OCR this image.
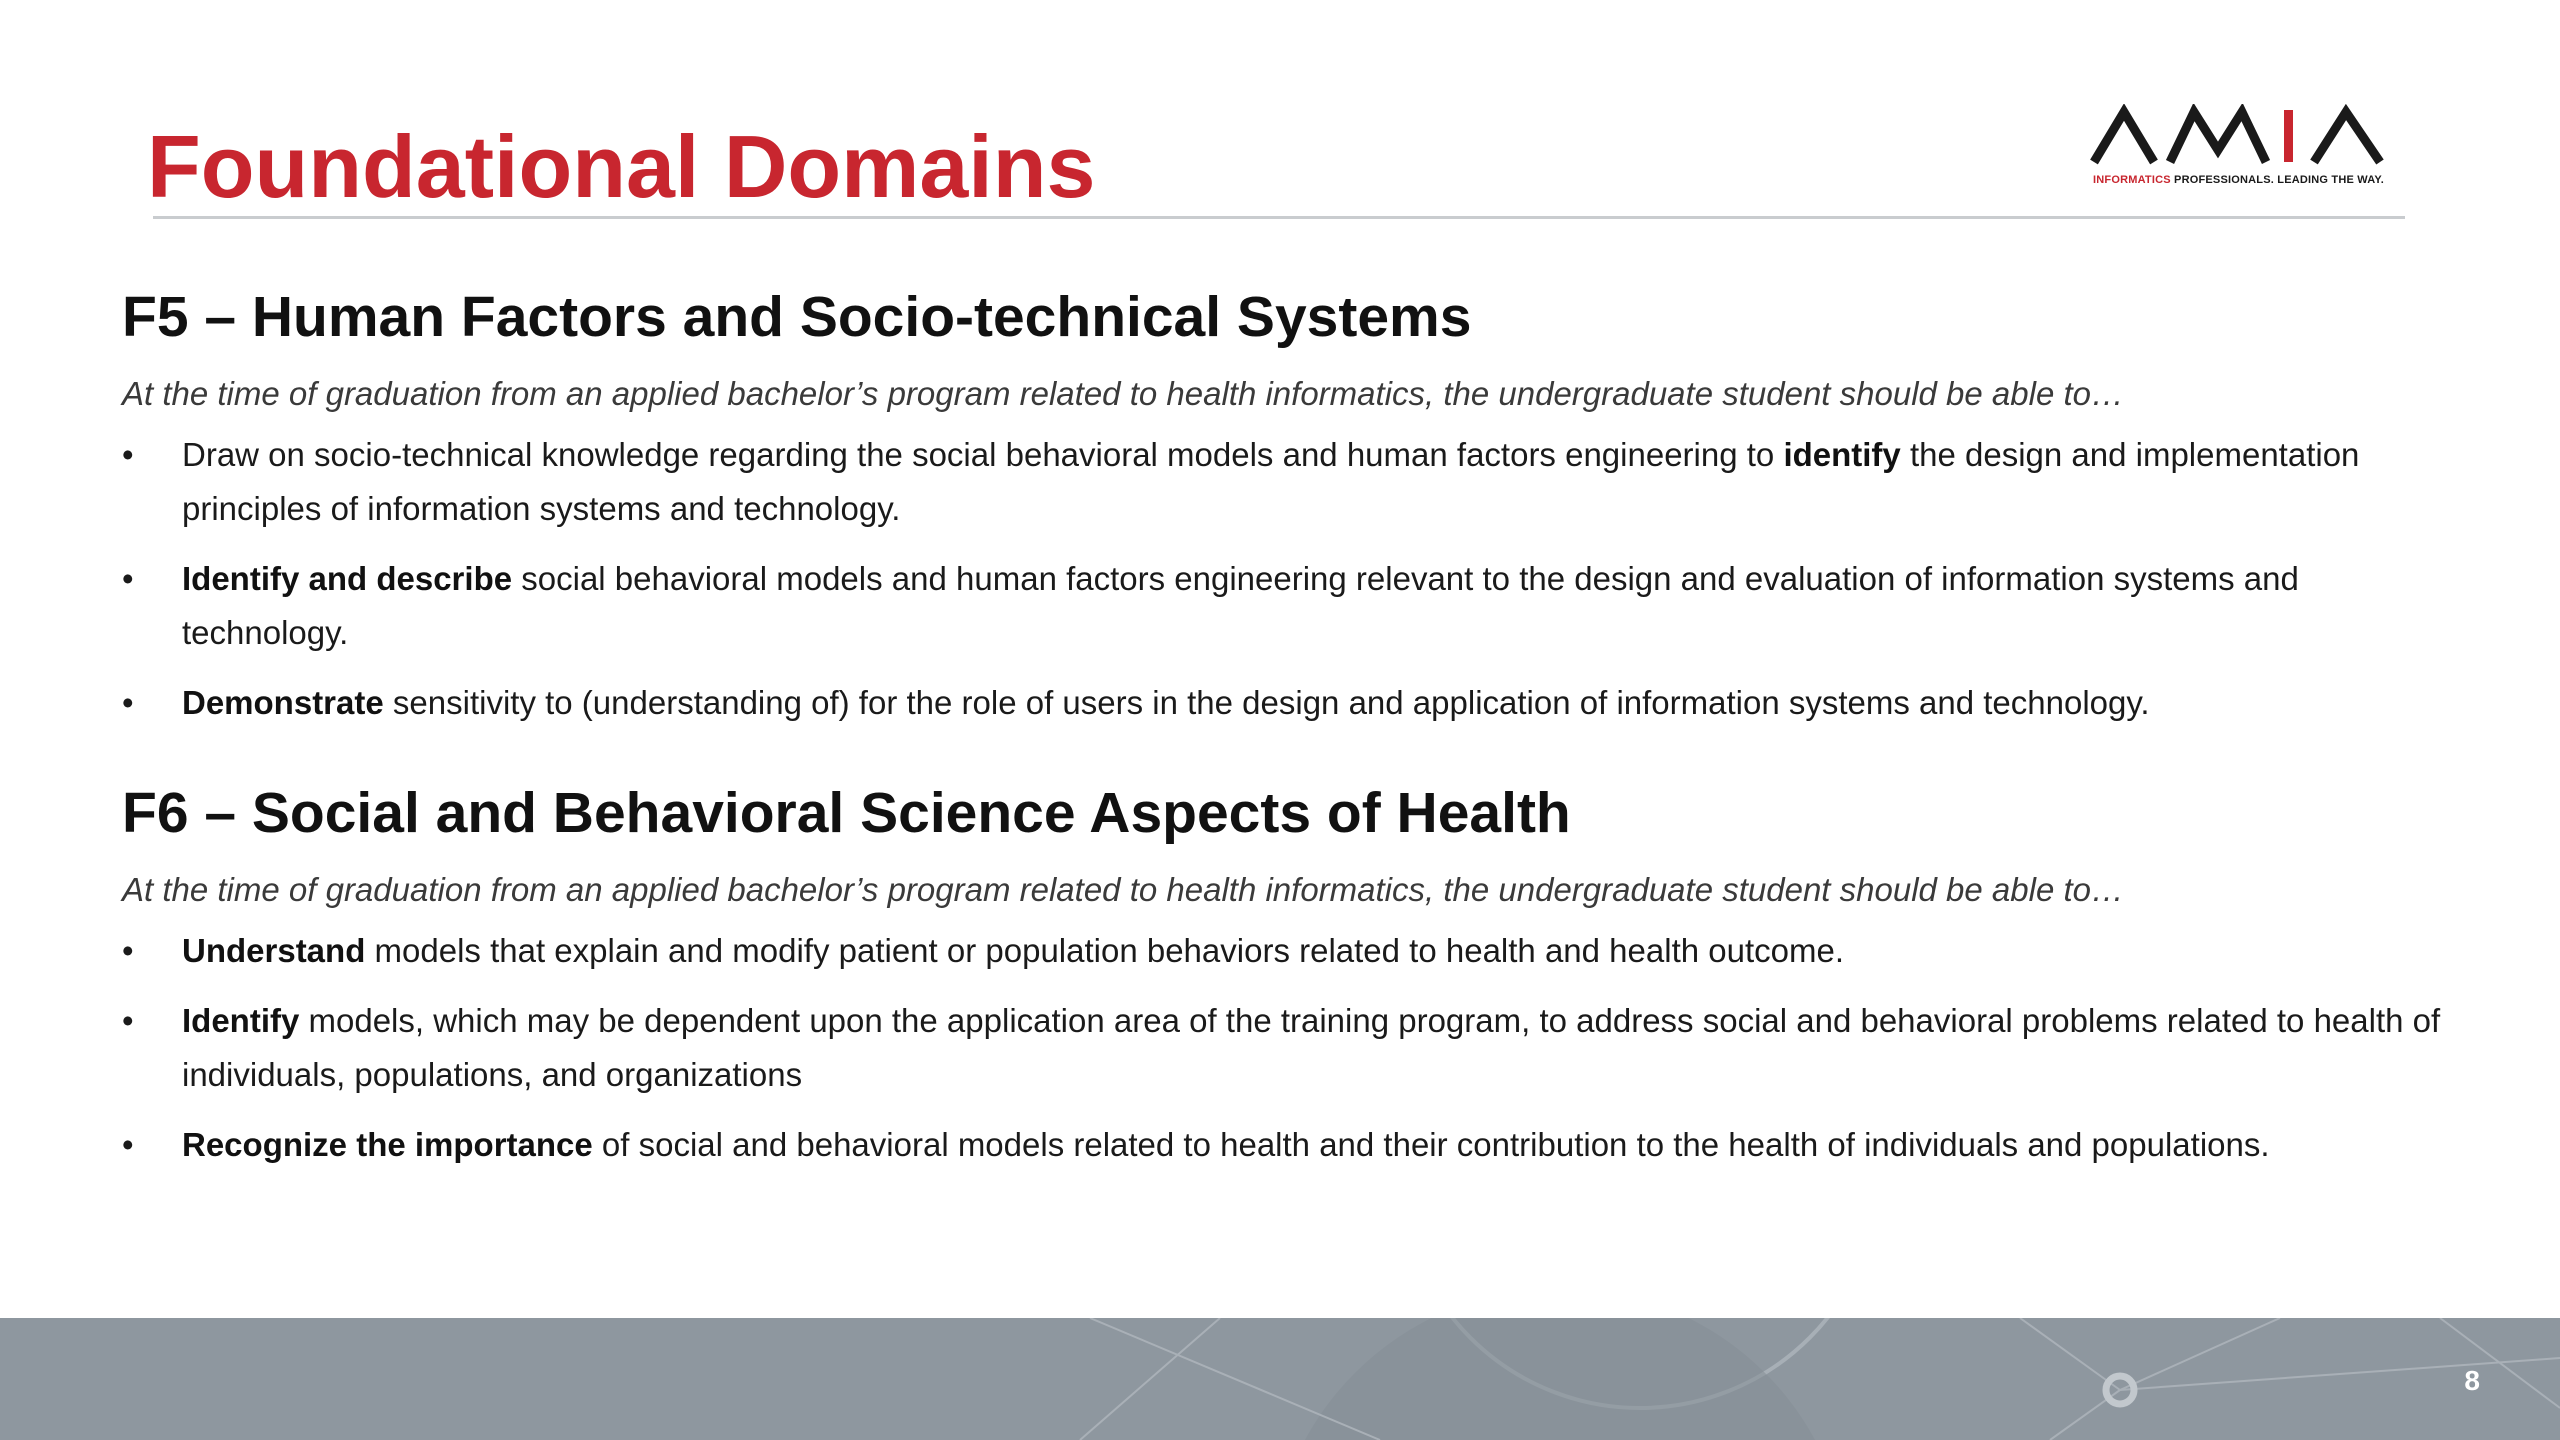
Foundational Domains	INFORMATICS PROFESSIONALS. LEADING THE WAY.
F5 – Human Factors and Socio-technical Systems

At the time of graduation from an applied bachelor’s program related to health informatics, the undergraduate student should be able to…

• Draw on socio-technical knowledge regarding the social behavioral models and human factors engineering to identify the design and implementation principles of information systems and technology.
• Identify and describe social behavioral models and human factors engineering relevant to the design and evaluation of information systems and technology.
• Demonstrate sensitivity to (understanding of) for the role of users in the design and application of information systems and technology.
F6 – Social and Behavioral Science Aspects of Health

At the time of graduation from an applied bachelor’s program related to health informatics, the undergraduate student should be able to…

• Understand models that explain and modify patient or population behaviors related to health and health outcome.
• Identify models, which may be dependent upon the application area of the training program, to address social and behavioral problems related to health of individuals, populations, and organizations
• Recognize the importance of social and behavioral models related to health and their contribution to the health of individuals and populations.
8
